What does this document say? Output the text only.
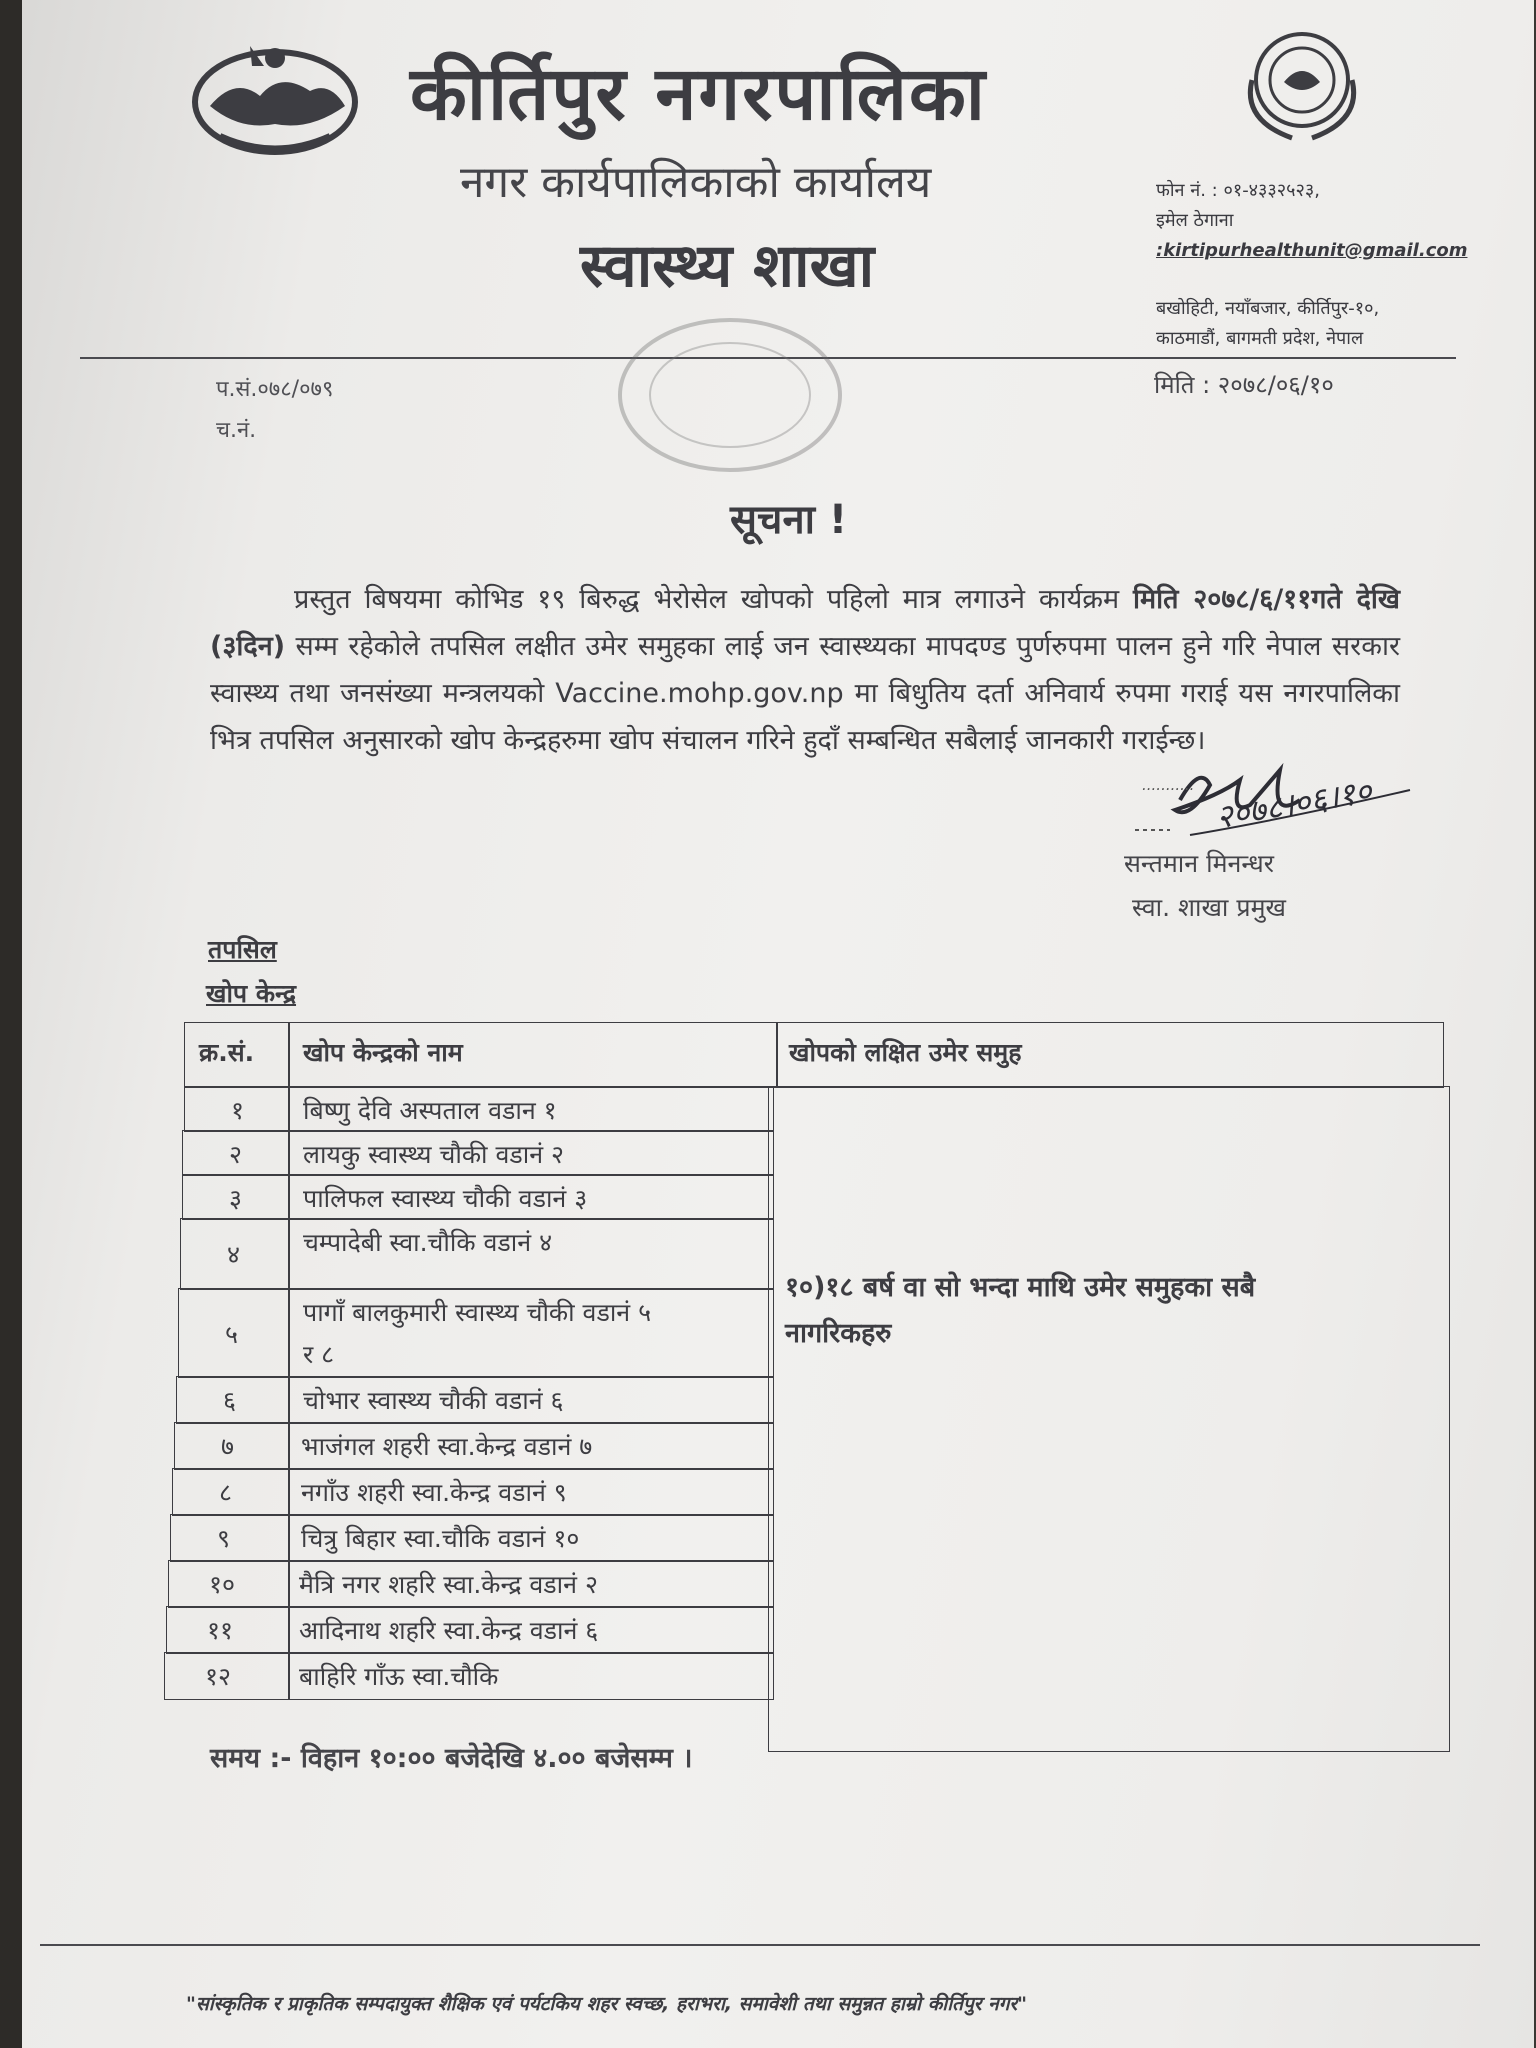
कीर्तिपुर नगरपालिका
नगर कार्यपालिकाको कार्यालय
स्वास्थ्य शाखा
फोन नं. : ०१-४३३२५२३,
इमेल ठेगाना
:kirtipurhealthunit@gmail.com
बखोहिटी, नयाँबजार, कीर्तिपुर-१०,
काठमाडौं, बागमती प्रदेश, नेपाल
प.सं.०७८/०७९
च.नं.
मिति : २०७८/०६/१०
सूचना !
प्रस्तुत बिषयमा कोभिड १९ बिरुद्ध भेरोसेल खोपको पहिलो मात्र लगाउने कार्यक्रम मिति २०७८/६/११गते देखि (३दिन) सम्म रहेकोले तपसिल लक्षीत उमेर समुहका लाई जन स्वास्थ्यका मापदण्ड पुर्णरुपमा पालन हुने गरि नेपाल सरकार स्वास्थ्य तथा जनसंख्या मन्त्रलयको Vaccine.mohp.gov.np मा बिधुतिय दर्ता अनिवार्य रुपमा गराई यस नगरपालिका भित्र तपसिल अनुसारको खोप केन्द्रहरुमा खोप संचालन गरिने हुदाँ सम्बन्धित सबैलाई जानकारी गराईन्छ।
........... २०७८।०६।१०
सन्तमान मिनन्धर
स्वा. शाखा प्रमुख
तपसिल
खोप केन्द्र
क्र.सं. खोप केन्द्रको नाम	खोपको लक्षित उमेर समुह
१०)१८ बर्ष वा सो भन्दा माथि उमेर समुहका सबै
नागरिकहरु
१ बिष्णु देवि अस्पताल वडान १
२ लायकु स्वास्थ्य चौकी वडानं २
३ पालिफल स्वास्थ्य चौकी वडानं ३
४	चम्पादेबी स्वा.चौकि वडानं ४
५
पागाँ बालकुमारी स्वास्थ्य चौकी वडानं ५
र ८
६	चोभार स्वास्थ्य चौकी वडानं ६
७	भाजंगल शहरी स्वा.केन्द्र वडानं ७
८	नगाँउ शहरी स्वा.केन्द्र वडानं ९
९	चित्रु बिहार स्वा.चौकि वडानं १०
१०	मैत्रि नगर शहरि स्वा.केन्द्र वडानं २
११	आदिनाथ शहरि स्वा.केन्द्र वडानं ६
१२	बाहिरि गाँऊ स्वा.चौकि
समय :- विहान १०:०० बजेदेखि ४.०० बजेसम्म ।
"सांस्कृतिक र प्राकृतिक सम्पदायुक्त शैक्षिक एवं पर्यटकिय शहर स्वच्छ, हराभरा, समावेशी तथा समुन्नत हाम्रो कीर्तिपुर नगर"
